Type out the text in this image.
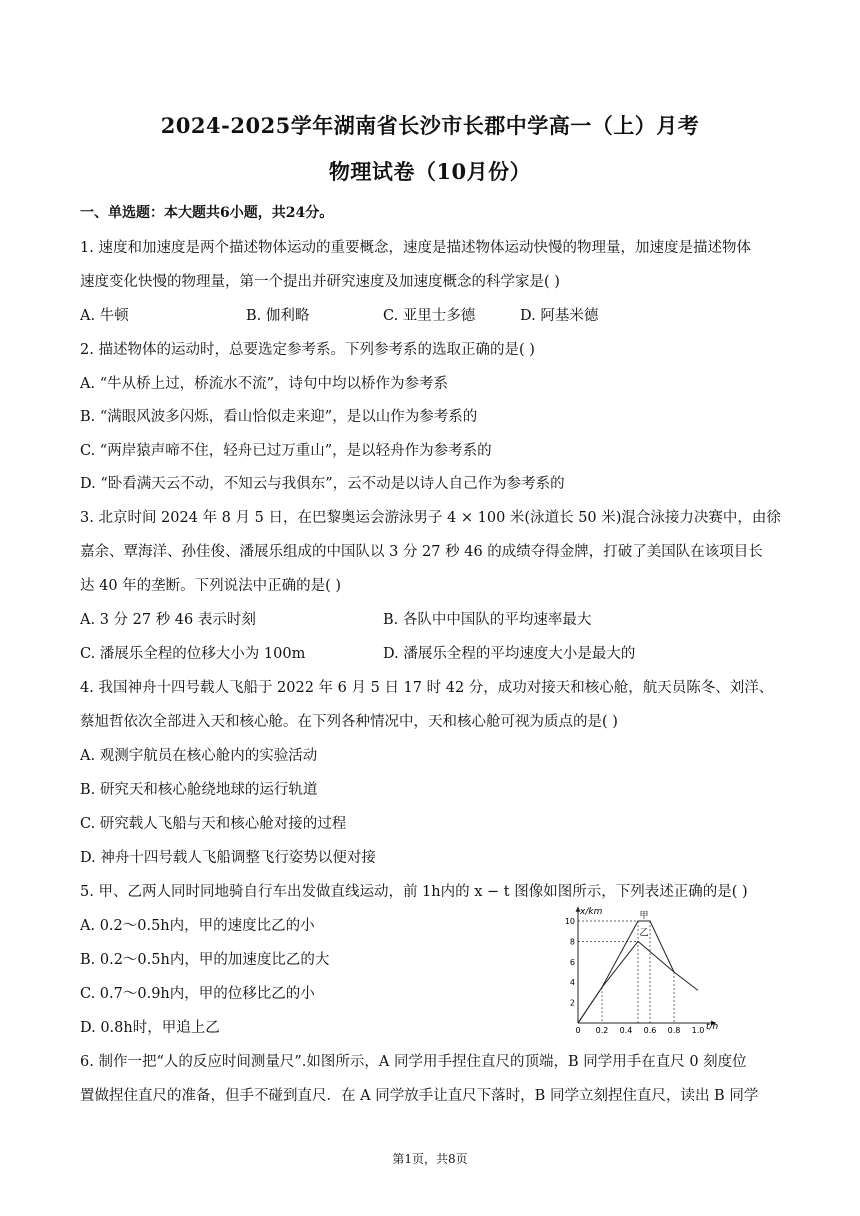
2024-2025学年湖南省长沙市长郡中学高一（上）月考
物理试卷（10月份）
一、单选题：本大题共6小题，共24分。
1. 速度和加速度是两个描述物体运动的重要概念，速度是描述物体运动快慢的物理量，加速度是描述物体
速度变化快慢的物理量，第一个提出并研究速度及加速度概念的科学家是( )
A. 牛顿	B. 伽利略	C. 亚里士多德	D. 阿基米德
2. 描述物体的运动时，总要选定参考系。下列参考系的选取正确的是( )
A. “牛从桥上过，桥流水不流”，诗句中均以桥作为参考系
B. “满眼风波多闪烁，看山恰似走来迎”，是以山作为参考系的
C. “两岸猿声啼不住，轻舟已过万重山”，是以轻舟作为参考系的
D. “卧看满天云不动，不知云与我俱东”，云不动是以诗人自己作为参考系的
3. 北京时间 2024 年 8 月 5 日，在巴黎奥运会游泳男子 4 × 100 米(泳道长 50 米)混合泳接力决赛中，由徐
嘉余、覃海洋、孙佳俊、潘展乐组成的中国队以 3 分 27 秒 46 的成绩夺得金牌，打破了美国队在该项目长
达 40 年的垄断。下列说法中正确的是( )
A. 3 分 27 秒 46 表示时刻	B. 各队中中国队的平均速率最大
C. 潘展乐全程的位移大小为 100m	D. 潘展乐全程的平均速度大小是最大的
4. 我国神舟十四号载人飞船于 2022 年 6 月 5 日 17 时 42 分，成功对接天和核心舱，航天员陈冬、刘洋、
蔡旭哲依次全部进入天和核心舱。在下列各种情况中，天和核心舱可视为质点的是( )
A. 观测宇航员在核心舱内的实验活动
B. 研究天和核心舱绕地球的运行轨道
C. 研究载人飞船与天和核心舱对接的过程
D. 神舟十四号载人飞船调整飞行姿势以便对接
5. 甲、乙两人同时同地骑自行车出发做直线运动，前 1h内的 x − t 图像如图所示，下列表述正确的是( )
A. 0.2～0.5h内，甲的速度比乙的小
B. 0.2～0.5h内，甲的加速度比乙的大
C. 0.7～0.9h内，甲的位移比乙的小
D. 0.8h时，甲追上乙
x/km
t/h
0 0.2 0.4 0.6 0.8 1.0
2
4
6
8
10
甲
乙
6. 制作一把“人的反应时间测量尺”.如图所示，A 同学用手捏住直尺的顶端，B 同学用手在直尺 0 刻度位
置做捏住直尺的准备，但手不碰到直尺．在 A 同学放手让直尺下落时，B 同学立刻捏住直尺，读出 B 同学
第1页，共8页
